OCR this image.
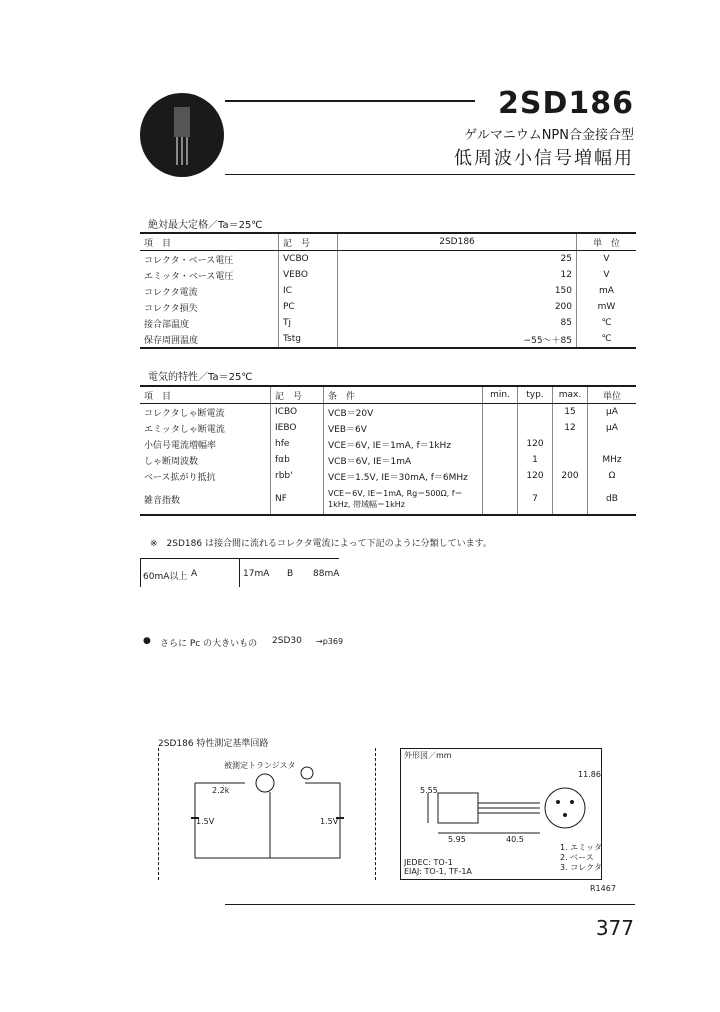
2SD186
ゲルマニウムNPN合金接合型
低周波小信号増幅用
絶対最大定格／Ta＝25℃
項　目	記　号	2SD186	単　位
コレクタ・ベース電圧	VCBO	25	V
エミッタ・ベース電圧	VEBO	12	V
コレクタ電流	IC	150	mA
コレクタ損失	PC	200	mW
接合部温度	Tj	85	℃
保存周囲温度	Tstg	−55〜＋85	℃
電気的特性／Ta＝25℃
項　目	記　号	条　件	min.	typ.	max.	単位
コレクタしゃ断電流	ICBO	VCB＝20V			15	μA
エミッタしゃ断電流	IEBO	VEB＝6V			12	μA
小信号電流増幅率	hfe	VCE＝6V, IE＝1mA, f＝1kHz		120		
しゃ断周波数	fαb	VCB＝6V, IE＝1mA		1		MHz
ベース拡がり抵抗	rbb'	VCE＝1.5V, IE＝30mA, f＝6MHz		120	200	Ω
雑音指数	NF	VCE＝6V, IE＝1mA, Rg＝500Ω, f＝1kHz, 帯域幅＝1kHz		7		dB
※　2SD186 は接合間に流れるコレクタ電流によって下記のように分類しています。
60mA以上 A	17mA B 88mA
● さらに Pc の大きいもの 2SD30 →p369
2SD186 特性測定基準回路
被測定トランジスタ
2.2k
1.5V	1.5V
外形図／mm
5.55
5.95	40.5
11.86
JEDEC: TO-1
EIAJ: TO-1, TF-1A
1. エミッタ
2. ベース
3. コレクタ
R1467
377
